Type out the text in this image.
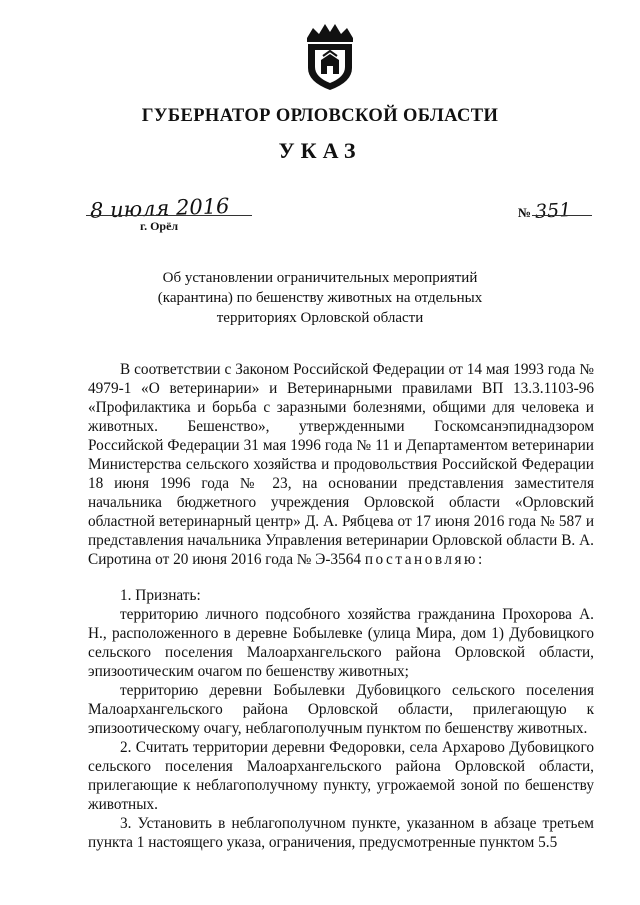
ГУБЕРНАТОР ОРЛОВСКОЙ ОБЛАСТИ
УКАЗ
8 июля 2016
г. Орёл
№ 351
Об установлении ограничительных мероприятий
(карантина) по бешенству животных на отдельных
территориях Орловской области

В соответствии с Законом Российской Федерации от 14 мая 1993 года № 4979-1 «О ветеринарии» и Ветеринарными правилами ВП 13.3.1103-96 «Профилактика и борьба с заразными болезнями, общими для человека и животных. Бешенство», утвержденными Госкомсанэпиднадзором Российской Федерации 31 мая 1996 года № 11 и Департаментом ветеринарии Министерства сельского хозяйства и продовольствия Российской Федерации 18 июня 1996 года № 23, на основании представления заместителя начальника бюджетного учреждения Орловской области «Орловский областной ветеринарный центр» Д. А. Рябцева от 17 июня 2016 года № 587 и представления начальника Управления ветеринарии Орловской области В. А. Сиротина от 20 июня 2016 года № Э-3564 постановляю:

1. Признать:

территорию личного подсобного хозяйства гражданина Прохорова А. Н., расположенного в деревне Бобылевке (улица Мира, дом 1) Дубовицкого сельского поселения Малоархангельского района Орловской области, эпизоотическим очагом по бешенству животных;

территорию деревни Бобылевки Дубовицкого сельского поселения Малоархангельского района Орловской области, прилегающую к эпизоотическому очагу, неблагополучным пунктом по бешенству животных.

2. Считать территории деревни Федоровки, села Архарово Дубовицкого сельского поселения Малоархангельского района Орловской области, прилегающие к неблагополучному пункту, угрожаемой зоной по бешенству животных.

3. Установить в неблагополучном пункте, указанном в абзаце третьем пункта 1 настоящего указа, ограничения, предусмотренные пунктом 5.5
